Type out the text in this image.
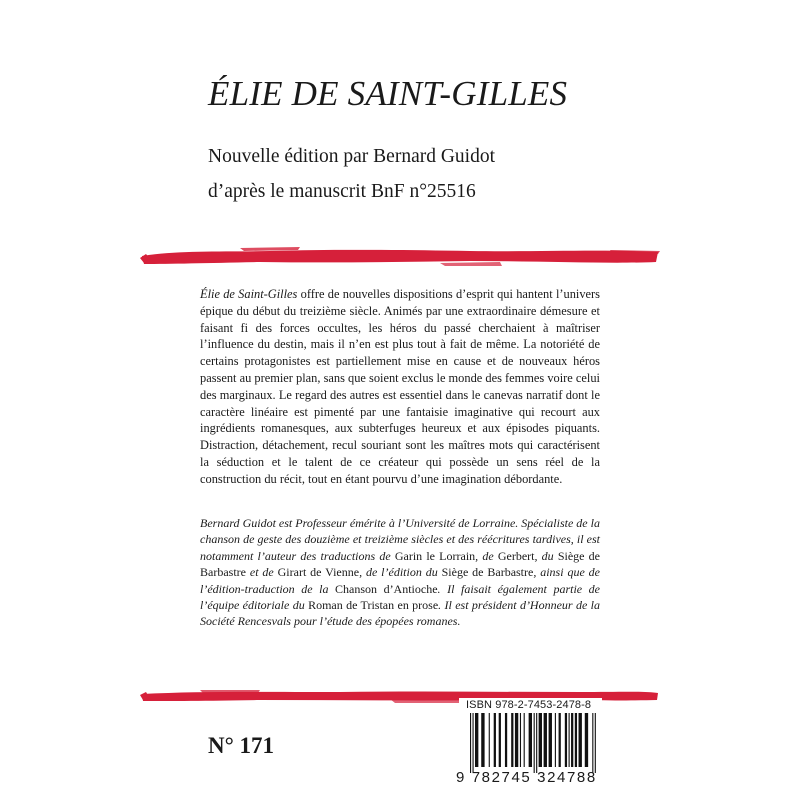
ÉLIE DE SAINT-GILLES

Nouvelle édition par Bernard Guidot

d’après le manuscrit BnF n°25516

Élie de Saint-Gilles offre de nouvelles dispositions d’esprit qui hantent l’univers épique du début du treizième siècle. Animés par une extraordinaire démesure et faisant fi des forces occultes, les héros du passé cherchaient à maîtriser l’influence du destin, mais il n’en est plus tout à fait de même. La notoriété de certains protagonistes est partiellement mise en cause et de nouveaux héros passent au premier plan, sans que soient exclus le monde des femmes voire celui des marginaux. Le regard des autres est essentiel dans le canevas narratif dont le caractère linéaire est pimenté par une fantaisie imaginative qui recourt aux ingrédients romanesques, aux subterfuges heureux et aux épisodes piquants. Distraction, détachement, recul souriant sont les maîtres mots qui caractérisent la séduction et le talent de ce créateur qui possède un sens réel de la construction du récit, tout en étant pourvu d’une imagination débordante.

Bernard Guidot est Professeur émérite à l’Université de Lorraine. Spécialiste de la chanson de geste des douzième et treizième siècles et des réécritures tardives, il est notamment l’auteur des traductions de Garin le Lorrain, de Gerbert, du Siège de Barbastre et de Girart de Vienne, de l’édition du Siège de Barbastre, ainsi que de l’édition-traduction de la Chanson d’Antioche. Il faisait également partie de l’équipe éditoriale du Roman de Tristan en prose. Il est président d’Honneur de la Société Rencesvals pour l’étude des épopées romanes.

N° 171

ISBN 978-2-7453-2478-8
9 782745 324788
